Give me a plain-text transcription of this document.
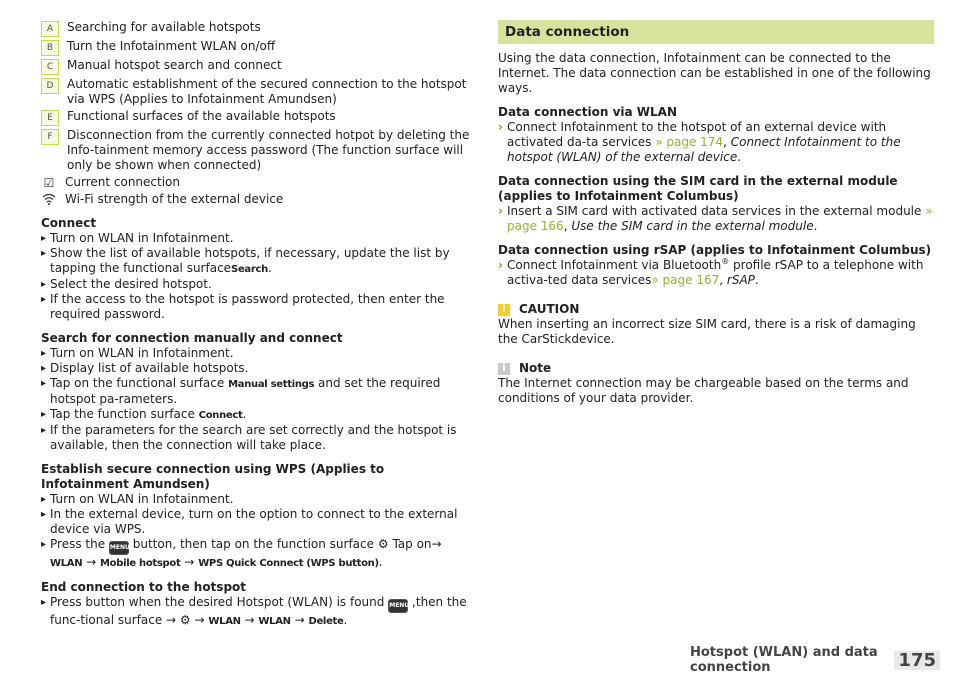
A	Searching for available hotspots
B	Turn the Infotainment WLAN on/off
C	Manual hotspot search and connect
D	Automatic establishment of the secured connection to the hotspot via WPS (Applies to Infotainment Amundsen)
E	Functional surfaces of the available hotspots
F	Disconnection from the currently connected hotpot by deleting the Info-tainment memory access password (The function surface will only be shown when connected)
☑ Current connection
Wi-Fi strength of the external device
Connect
▸ Turn on WLAN in Infotainment.
▸ Show the list of available hotspots, if necessary, update the list by tapping the functional surfaceSearch.
▸ Select the desired hotspot.
▸ If the access to the hotspot is password protected, then enter the required password.
Search for connection manually and connect
▸ Turn on WLAN in Infotainment.
▸ Display list of available hotspots.
▸ Tap on the functional surface Manual settings and set the required hotspot pa-rameters.
▸ Tap the function surface Connect.
▸ If the parameters for the search are set correctly and the hotspot is available, then the connection will take place.
Establish secure connection using WPS (Applies to Infotainment Amundsen)
▸ Turn on WLAN in Infotainment.
▸ In the external device, turn on the option to connect to the external device via WPS.
▸ Press the MENU button, then tap on the function surface ⚙ Tap on→ WLAN → Mobile hotspot → WPS Quick Connect (WPS button).
End connection to the hotspot
▸ Press button when the desired Hotspot (WLAN) is found MENU ,then the func-tional surface → ⚙ → WLAN → WLAN → Delete.
Data connection

Using the data connection, Infotainment can be connected to the Internet. The data connection can be established in one of the following ways.

Data connection via WLAN
› Connect Infotainment to the hotspot of an external device with activated da-ta services » page 174, Connect Infotainment to the hotspot (WLAN) of the external device.
Data connection using the SIM card in the external module (applies to Infotainment Columbus)
› Insert a SIM card with activated data services in the external module » page 166, Use the SIM card in the external module.
Data connection using rSAP (applies to Infotainment Columbus)
› Connect Infotainment via Bluetooth® profile rSAP to a telephone with activa-ted data services» page 167, rSAP.
!	CAUTION

When inserting an incorrect size SIM card, there is a risk of damaging the CarStickdevice.

i	Note

The Internet connection may be chargeable based on the terms and conditions of your data provider.

Hotspot (WLAN) and data connection	175
